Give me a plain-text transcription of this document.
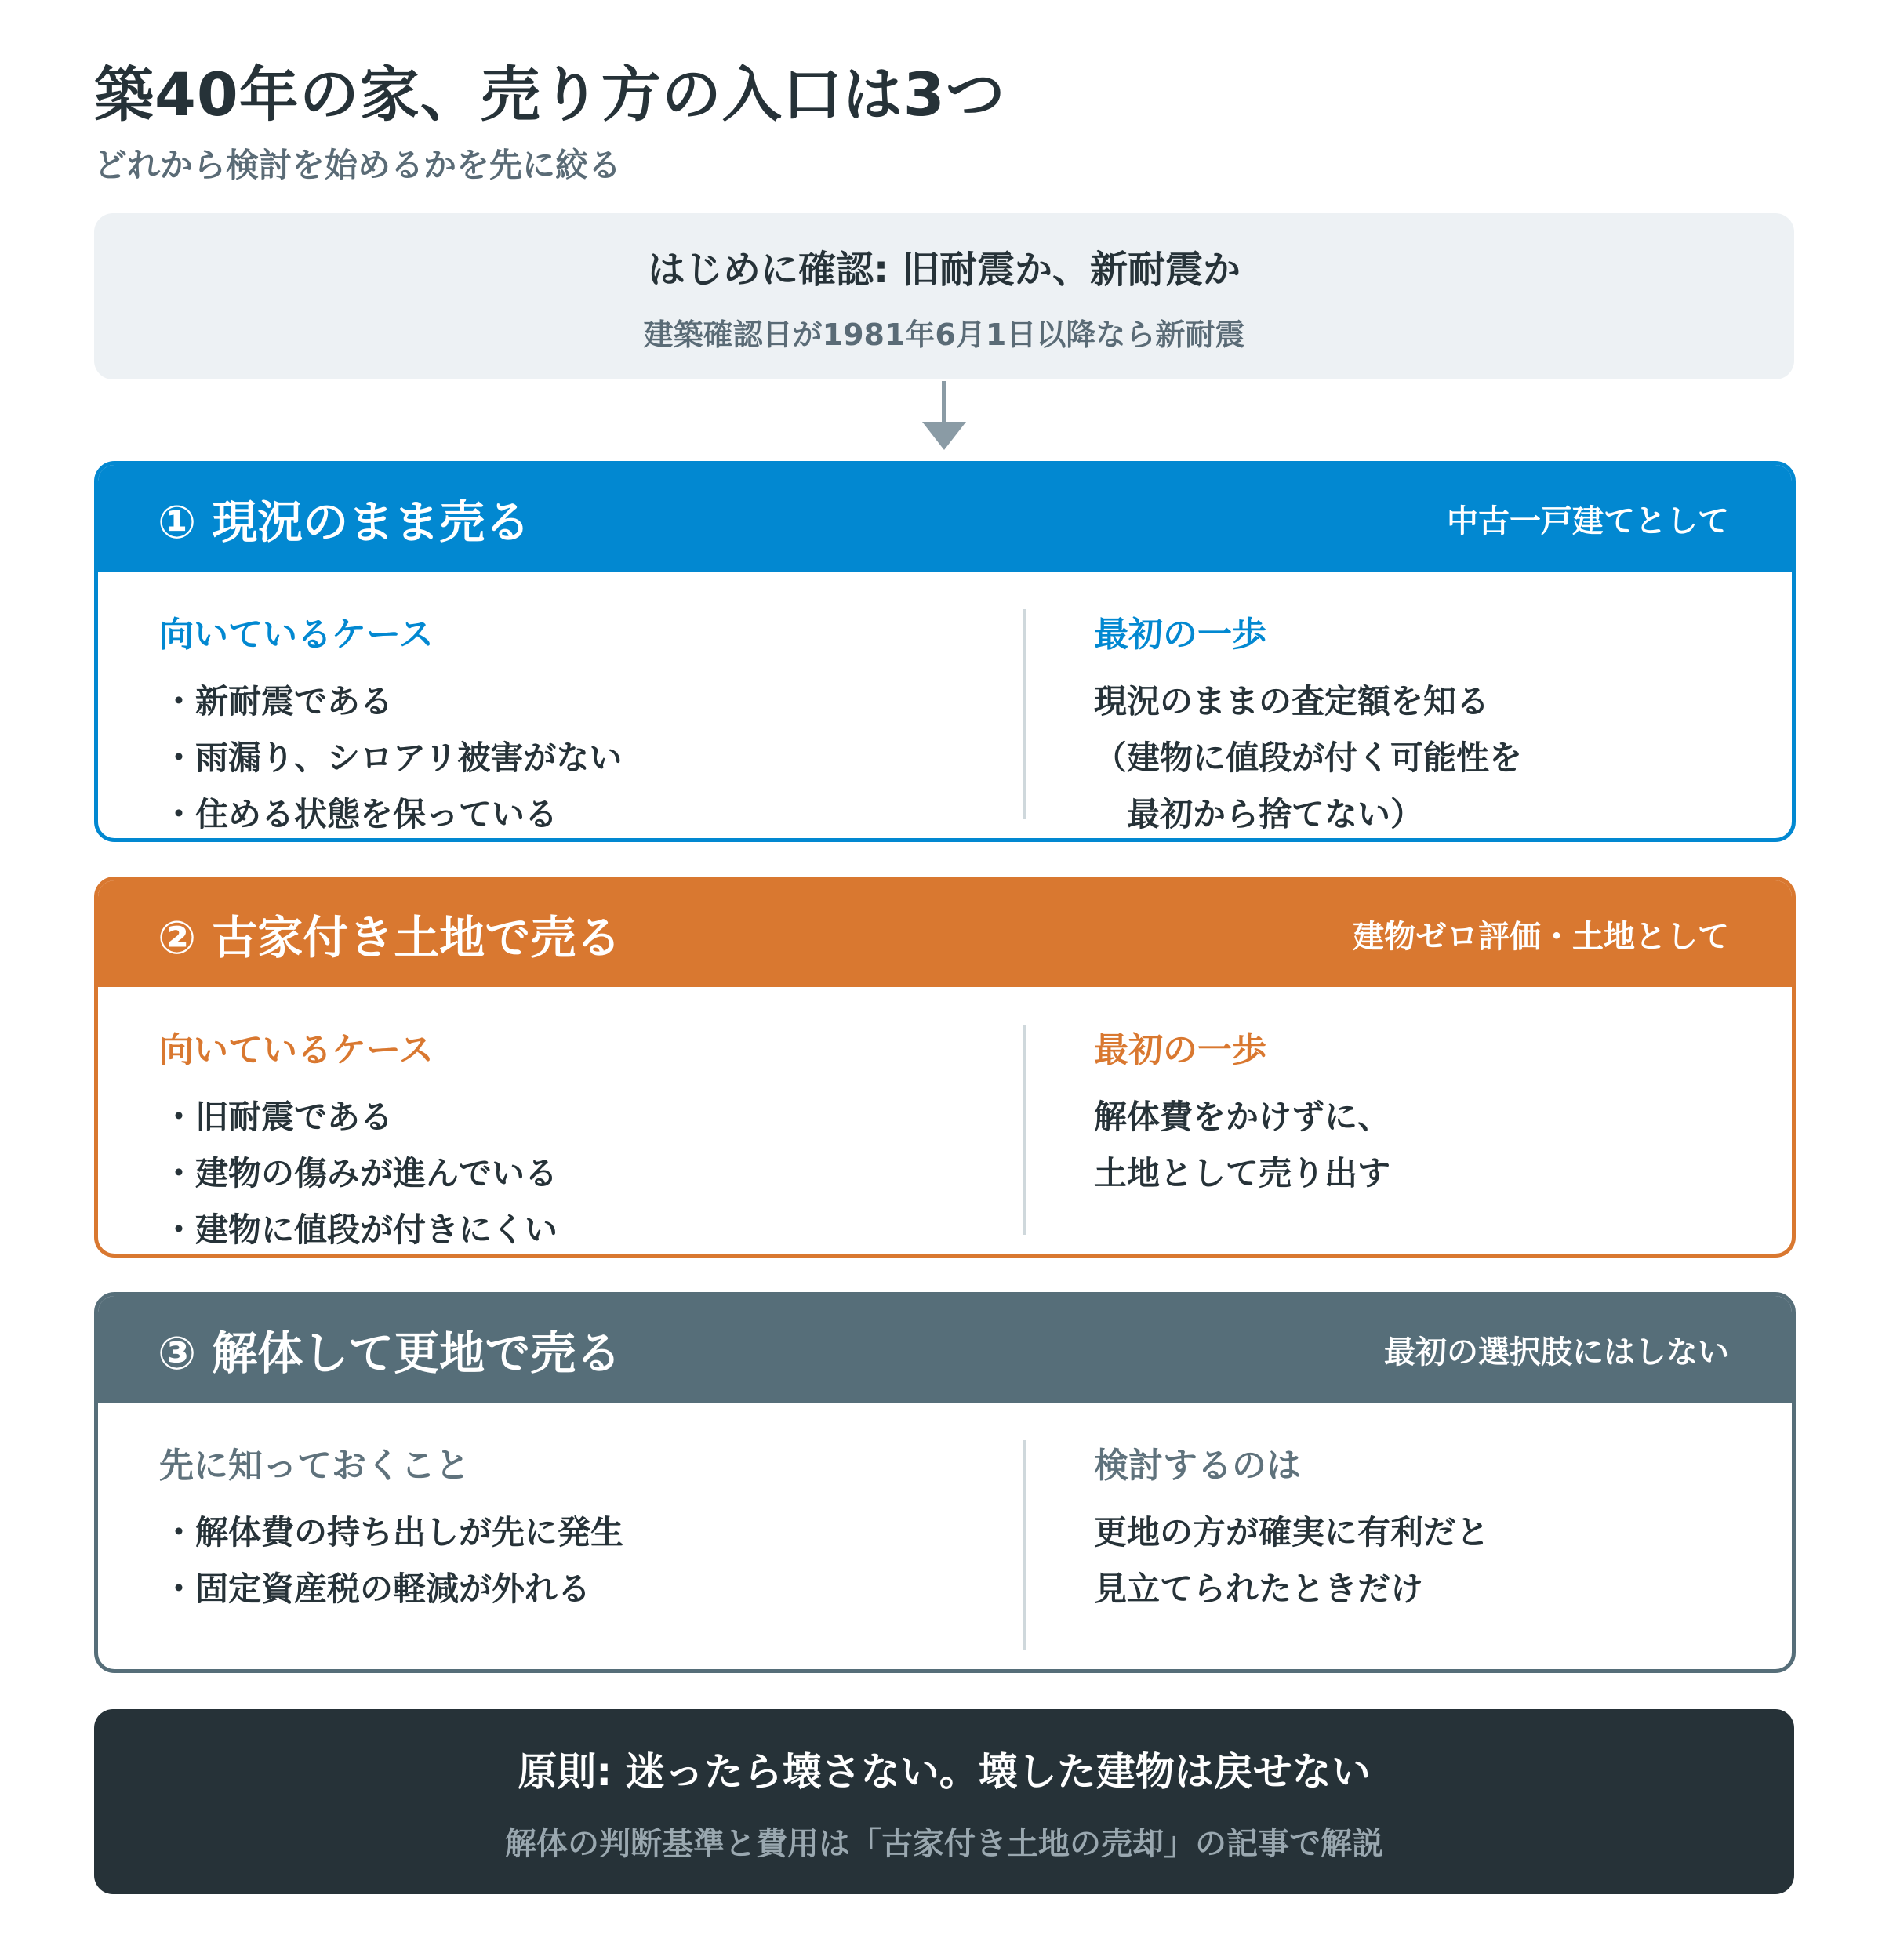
築40年の家、売り方の入口は3つ
どれから検討を始めるかを先に絞る
はじめに確認: 旧耐震か、新耐震か
建築確認日が1981年6月1日以降なら新耐震
① 現況のまま売る	中古一戸建てとして
向いているケース
・新耐震である
・雨漏り、シロアリ被害がない
・住める状態を保っている
最初の一歩
現況のままの査定額を知る
（建物に値段が付く可能性を
　最初から捨てない）
② 古家付き土地で売る	建物ゼロ評価・土地として
向いているケース
・旧耐震である
・建物の傷みが進んでいる
・建物に値段が付きにくい
最初の一歩
解体費をかけずに、
土地として売り出す
③ 解体して更地で売る	最初の選択肢にはしない
先に知っておくこと
・解体費の持ち出しが先に発生
・固定資産税の軽減が外れる
検討するのは
更地の方が確実に有利だと
見立てられたときだけ
原則: 迷ったら壊さない。壊した建物は戻せない
解体の判断基準と費用は「古家付き土地の売却」の記事で解説
